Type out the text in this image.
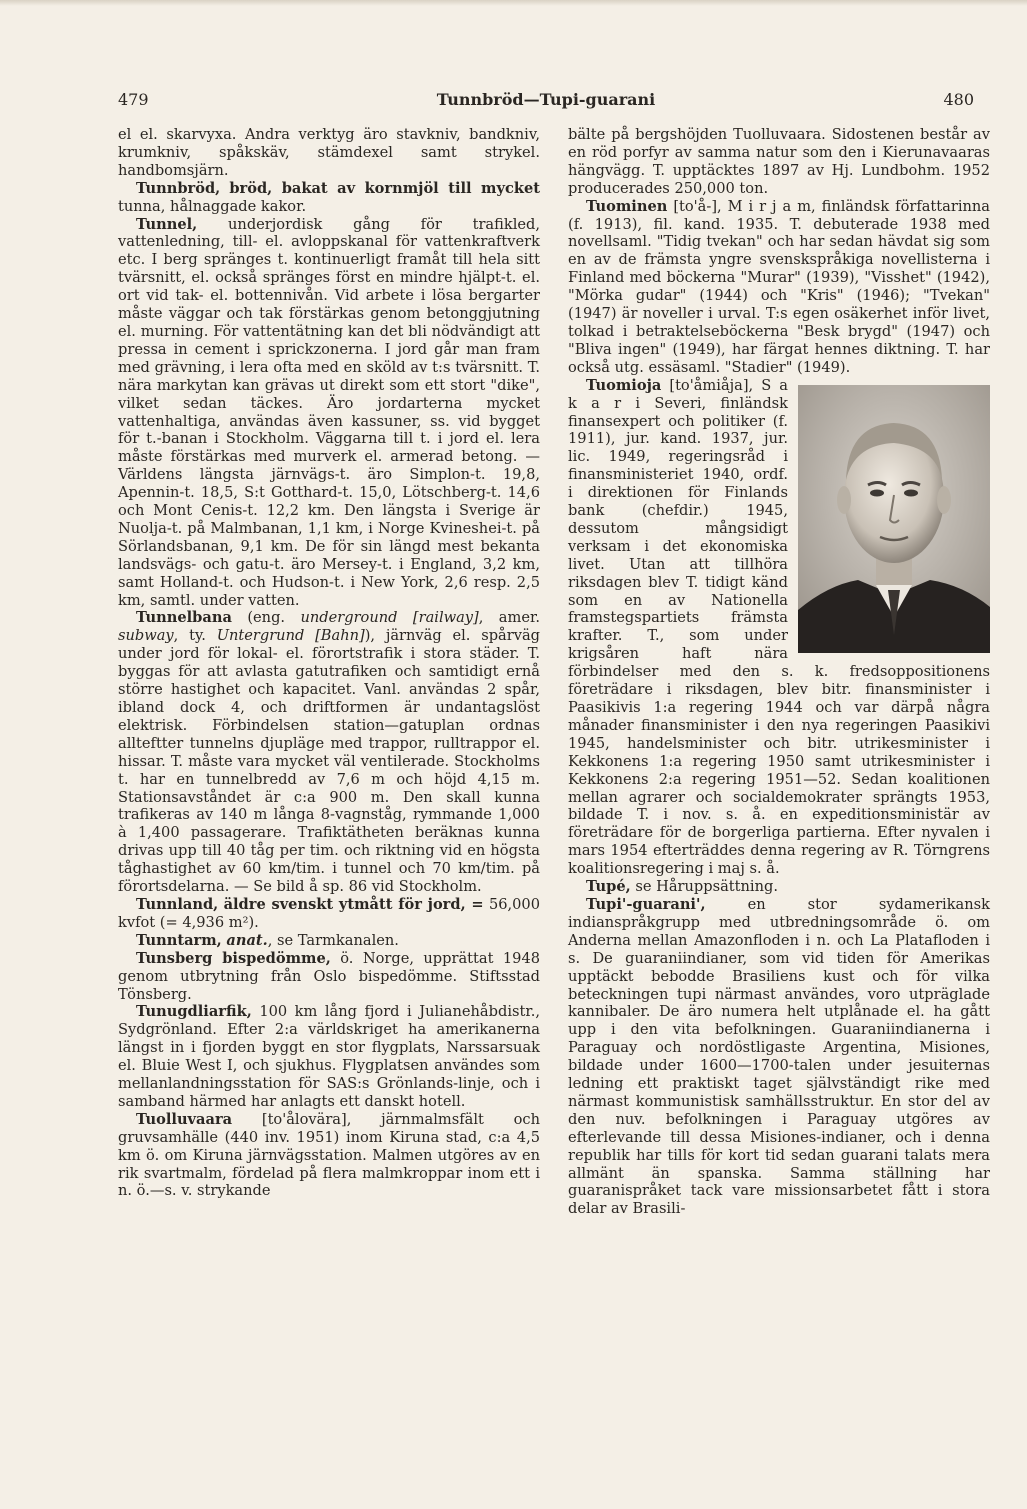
479	Tunnbröd—Tupi-guarani	480

el el. skarvyxa. Andra verktyg äro stavkniv, bandkniv, krumkniv, spåkskäv, stämdexel samt strykel. handbomsjärn.

Tunnbröd, bröd, bakat av kornmjöl till mycket tunna, hålnaggade kakor.

Tunnel, underjordisk gång för trafikled, vattenledning, till- el. avloppskanal för vattenkraftverk etc. I berg spränges t. kontinuerligt framåt till hela sitt tvärsnitt, el. också spränges först en mindre hjälpt-t. el. ort vid tak- el. bottennivån. Vid arbete i lösa bergarter måste väggar och tak förstärkas genom betonggjutning el. murning. För vattentätning kan det bli nödvändigt att pressa in cement i sprickzonerna. I jord går man fram med grävning, i lera ofta med en sköld av t:s tvärsnitt. T. nära markytan kan grävas ut direkt som ett stort "dike", vilket sedan täckes. Äro jordarterna mycket vattenhaltiga, användas även kassuner, ss. vid bygget för t.-banan i Stockholm. Väggarna till t. i jord el. lera måste förstärkas med murverk el. armerad betong. — Världens längsta järnvägs-t. äro Simplon-t. 19,8, Apennin-t. 18,5, S:t Gotthard-t. 15,0, Lötschberg-t. 14,6 och Mont Cenis-t. 12,2 km. Den längsta i Sverige är Nuolja-t. på Malmbanan, 1,1 km, i Norge Kvineshei-t. på Sörlandsbanan, 9,1 km. De för sin längd mest bekanta landsvägs- och gatu-t. äro Mersey-t. i England, 3,2 km, samt Holland-t. och Hudson-t. i New York, 2,6 resp. 2,5 km, samtl. under vatten.

Tunnelbana (eng. underground [railway], amer. subway, ty. Untergrund [Bahn]), järnväg el. spårväg under jord för lokal- el. förortstrafik i stora städer. T. byggas för att avlasta gatutrafiken och samtidigt ernå större hastighet och kapacitet. Vanl. användas 2 spår, ibland dock 4, och driftformen är undantagslöst elektrisk. Förbindelsen station—gatuplan ordnas allteftter tunnelns djupläge med trappor, rulltrappor el. hissar. T. måste vara mycket väl ventilerade. Stockholms t. har en tunnelbredd av 7,6 m och höjd 4,15 m. Stationsavståndet är c:a 900 m. Den skall kunna trafikeras av 140 m långa 8-vagnståg, rymmande 1,000 à 1,400 passagerare. Trafiktätheten beräknas kunna drivas upp till 40 tåg per tim. och riktning vid en högsta tåghastighet av 60 km/tim. i tunnel och 70 km/tim. på förortsdelarna. — Se bild å sp. 86 vid Stockholm.

Tunnland, äldre svenskt ytmått för jord, = 56,000 kvfot (= 4,936 m²).

Tunntarm, anat., se Tarmkanalen.

Tunsberg bispedömme, ö. Norge, upprättat 1948 genom utbrytning från Oslo bispedömme. Stiftsstad Tönsberg.

Tunugdliarfik, 100 km lång fjord i Julianehåbdistr., Sydgrönland. Efter 2:a världskriget ha amerikanerna längst in i fjorden byggt en stor flygplats, Narssarsuak el. Bluie West I, och sjukhus. Flygplatsen användes som mellanlandningsstation för SAS:s Grönlands-linje, och i samband härmed har anlagts ett danskt hotell.

Tuolluvaara [to'ålovära], järnmalmsfält och gruvsamhälle (440 inv. 1951) inom Kiruna stad, c:a 4,5 km ö. om Kiruna järnvägsstation. Malmen utgöres av en rik svartmalm, fördelad på flera malmkroppar inom ett i n. ö.—s. v. strykande

bälte på bergshöjden Tuolluvaara. Sidostenen består av en röd porfyr av samma natur som den i Kierunavaaras hängvägg. T. upptäcktes 1897 av Hj. Lundbohm. 1952 producerades 250,000 ton.

Tuominen [to'å-], M i r j a m, finländsk författarinna (f. 1913), fil. kand. 1935. T. debuterade 1938 med novellsaml. "Tidig tvekan" och har sedan hävdat sig som en av de främsta yngre svenskspråkiga novellisterna i Finland med böckerna "Murar" (1939), "Visshet" (1942), "Mörka gudar" (1944) och "Kris" (1946); "Tvekan" (1947) är noveller i urval. T:s egen osäkerhet inför livet, tolkad i betraktelseböckerna "Besk brygd" (1947) och "Bliva ingen" (1949), har färgat hennes diktning. T. har också utg. essäsaml. "Stadier" (1949).

Tuomioja [to'åmiåja], S a k a r i Severi, finländsk finansexpert och politiker (f. 1911), jur. kand. 1937, jur. lic. 1949, regeringsråd i finansministeriet 1940, ordf. i direktionen för Finlands bank (chefdir.) 1945, dessutom mångsidigt verksam i det ekonomiska livet. Utan att tillhöra riksdagen blev T. tidigt känd som en av Nationella framstegspartiets främsta krafter. T., som under krigsåren haft nära förbindelser med den s. k. fredsoppositionens företrädare i riksdagen, blev bitr. finansminister i Paasikivis 1:a regering 1944 och var därpå några månader finansminister i den nya regeringen Paasikivi 1945, handelsminister och bitr. utrikesminister i Kekkonens 1:a regering 1950 samt utrikesminister i Kekkonens 2:a regering 1951—52. Sedan koalitionen mellan agrarer och socialdemokrater sprängts 1953, bildade T. i nov. s. å. en expeditionsministär av företrädare för de borgerliga partierna. Efter nyvalen i mars 1954 efterträddes denna regering av R. Törngrens koalitionsregering i maj s. å.

Tupé, se Håruppsättning.

Tupi'-guarani',	en stor sydamerikansk indianspråkgrupp med utbredningsområde ö. om Anderna mellan Amazonfloden i n. och La Platafloden i s. De guaraniindianer, som vid tiden för Amerikas upptäckt bebodde Brasiliens kust och för vilka beteckningen tupi närmast användes, voro utpräglade kannibaler. De äro numera helt utplånade el. ha gått upp i den vita befolkningen. Guaraniindianerna i Paraguay och nordöstligaste Argentina, Misiones, bildade under 1600—1700-talen under jesuiternas ledning ett praktiskt taget självständigt rike med närmast kommunistisk samhällsstruktur. En stor del av den nuv. befolkningen i Paraguay utgöres av efterlevande till dessa Misiones-indianer, och i denna republik har tills för kort tid sedan guarani talats mera allmänt än spanska. Samma ställning har guaranispråket tack vare missionsarbetet fått i stora delar av Brasili-
